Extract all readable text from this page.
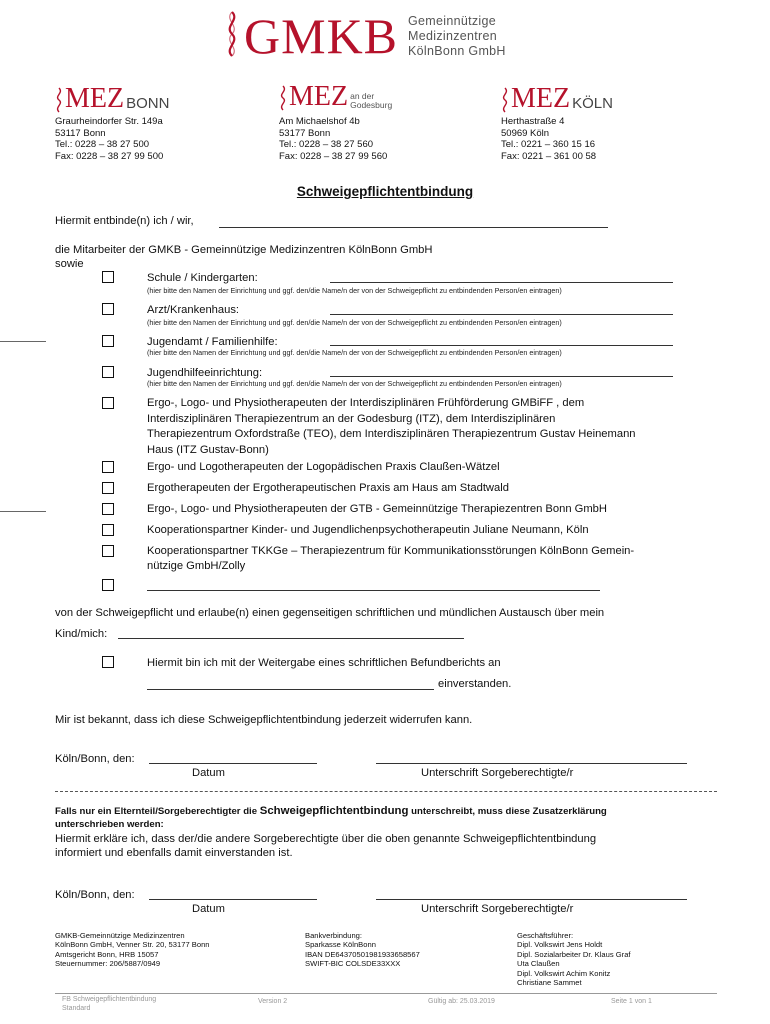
GMKB Gemeinnützige
Medizinzentren
KölnBonn GmbH
MEZ BONN	MEZ an der
Godesburg	MEZ KÖLN
Graurheindorfer Str. 149a
53117 Bonn
Tel.: 0228 – 38 27 500
Fax: 0228 – 38 27 99 500
Am Michaelshof 4b
53177 Bonn
Tel.: 0228 – 38 27 560
Fax: 0228 – 38 27 99 560
Herthastraße 4
50969 Köln
Tel.: 0221 – 360 15 16
Fax: 0221 – 361 00 58
Schweigepflichtentbindung
Hiermit entbinde(n) ich / wir,
die Mitarbeiter der GMKB - Gemeinnützige Medizinzentren KölnBonn GmbH
sowie
Schule / Kindergarten:
(hier bitte den Namen der Einrichtung und ggf. den/die Name/n der von der Schweigepflicht zu entbindenden Person/en eintragen)
Arzt/Krankenhaus:
(hier bitte den Namen der Einrichtung und ggf. den/die Name/n der von der Schweigepflicht zu entbindenden Person/en eintragen)
Jugendamt / Familienhilfe:
(hier bitte den Namen der Einrichtung und ggf. den/die Name/n der von der Schweigepflicht zu entbindenden Person/en eintragen)
Jugendhilfeeinrichtung:
(hier bitte den Namen der Einrichtung und ggf. den/die Name/n der von der Schweigepflicht zu entbindenden Person/en eintragen)
Ergo-, Logo- und Physiotherapeuten der Interdisziplinären Frühförderung GMBiFF , dem
Interdisziplinären Therapiezentrum an der Godesburg (ITZ), dem Interdisziplinären
Therapiezentrum Oxfordstraße (TEO), dem Interdisziplinären Therapiezentrum Gustav Heinemann
Haus (ITZ Gustav-Bonn)
Ergo- und Logotherapeuten der Logopädischen Praxis Claußen-Wätzel
Ergotherapeuten der Ergotherapeutischen Praxis am Haus am Stadtwald
Ergo-, Logo- und Physiotherapeuten der GTB - Gemeinnützige Therapiezentren Bonn GmbH
Kooperationspartner Kinder- und Jugendlichenpsychotherapeutin Juliane Neumann, Köln
Kooperationspartner TKKGe – Therapiezentrum für Kommunikationsstörungen KölnBonn Gemein-
nützige GmbH/Zolly
von der Schweigepflicht und erlaube(n) einen gegenseitigen schriftlichen und mündlichen Austausch über mein
Kind/mich:
Hiermit bin ich mit der Weitergabe eines schriftlichen Befundberichts an
einverstanden.
Mir ist bekannt, dass ich diese Schweigepflichtentbindung jederzeit widerrufen kann.
Köln/Bonn, den:
Datum	Unterschrift Sorgeberechtigte/r
Falls nur ein Elternteil/Sorgeberechtigter die Schweigepflichtentbindung unterschreibt, muss diese Zusatzerklärung
unterschrieben werden:
Hiermit erkläre ich, dass der/die andere Sorgeberechtigte über die oben genannte Schweigepflichtentbindung
informiert und ebenfalls damit einverstanden ist.
Köln/Bonn, den:
Datum	Unterschrift Sorgeberechtigte/r
GMKB-Gemeinnützige Medizinzentren
KölnBonn GmbH, Venner Str. 20, 53177 Bonn
Amtsgericht Bonn, HRB 15057
Steuernummer: 206/5887/0949
Bankverbindung:
Sparkasse KölnBonn
IBAN DE64370501981933658567
SWIFT-BIC COLSDE33XXX
Geschäftsführer:
Dipl. Volkswirt Jens Holdt
Dipl. Sozialarbeiter Dr. Klaus Graf
Uta Claußen
Dipl. Volkswirt Achim Konitz
Christiane Sammet
FB Schweigepflichtentbindung
Standard
Version 2	Gültig ab: 25.03.2019	Seite 1 von 1
